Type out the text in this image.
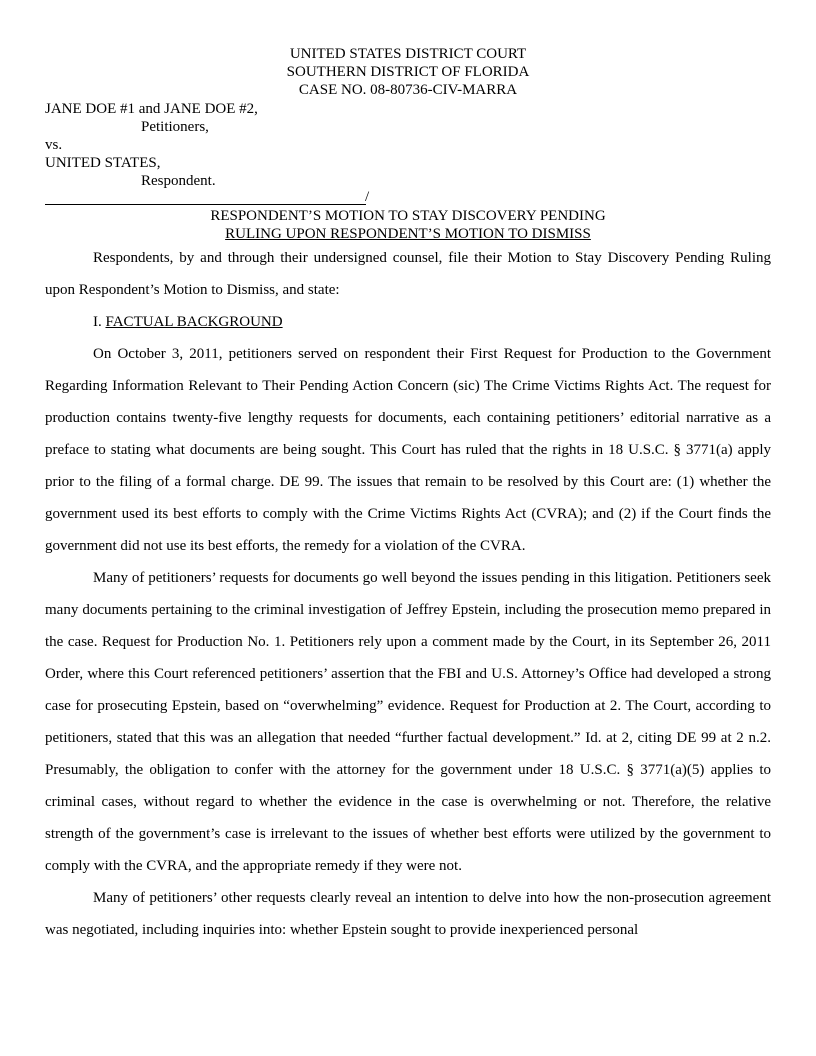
UNITED STATES DISTRICT COURT
SOUTHERN DISTRICT OF FLORIDA
CASE NO. 08-80736-CIV-MARRA
JANE DOE #1 and JANE DOE #2,
Petitioners,
vs.
UNITED STATES,
Respondent.
/
RESPONDENT’S MOTION TO STAY DISCOVERY PENDING
RULING UPON RESPONDENT’S MOTION TO DISMISS

Respondents, by and through their undersigned counsel, file their Motion to Stay Discovery Pending Ruling upon Respondent’s Motion to Dismiss, and state:

I. FACTUAL BACKGROUND

On October 3, 2011, petitioners served on respondent their First Request for Production to the Government Regarding Information Relevant to Their Pending Action Concern (sic) The Crime Victims Rights Act. The request for production contains twenty-five lengthy requests for documents, each containing petitioners’ editorial narrative as a preface to stating what documents are being sought. This Court has ruled that the rights in 18 U.S.C. § 3771(a) apply prior to the filing of a formal charge. DE 99. The issues that remain to be resolved by this Court are: (1) whether the government used its best efforts to comply with the Crime Victims Rights Act (CVRA); and (2) if the Court finds the government did not use its best efforts, the remedy for a violation of the CVRA.

Many of petitioners’ requests for documents go well beyond the issues pending in this litigation. Petitioners seek many documents pertaining to the criminal investigation of Jeffrey Epstein, including the prosecution memo prepared in the case. Request for Production No. 1. Petitioners rely upon a comment made by the Court, in its September 26, 2011 Order, where this Court referenced petitioners’ assertion that the FBI and U.S. Attorney’s Office had developed a strong case for prosecuting Epstein, based on “overwhelming” evidence. Request for Production at 2. The Court, according to petitioners, stated that this was an allegation that needed “further factual development.” Id. at 2, citing DE 99 at 2 n.2. Presumably, the obligation to confer with the attorney for the government under 18 U.S.C. § 3771(a)(5) applies to criminal cases, without regard to whether the evidence in the case is overwhelming or not. Therefore, the relative strength of the government’s case is irrelevant to the issues of whether best efforts were utilized by the government to comply with the CVRA, and the appropriate remedy if they were not.

Many of petitioners’ other requests clearly reveal an intention to delve into how the non-prosecution agreement was negotiated, including inquiries into: whether Epstein sought to provide inexperienced personal
